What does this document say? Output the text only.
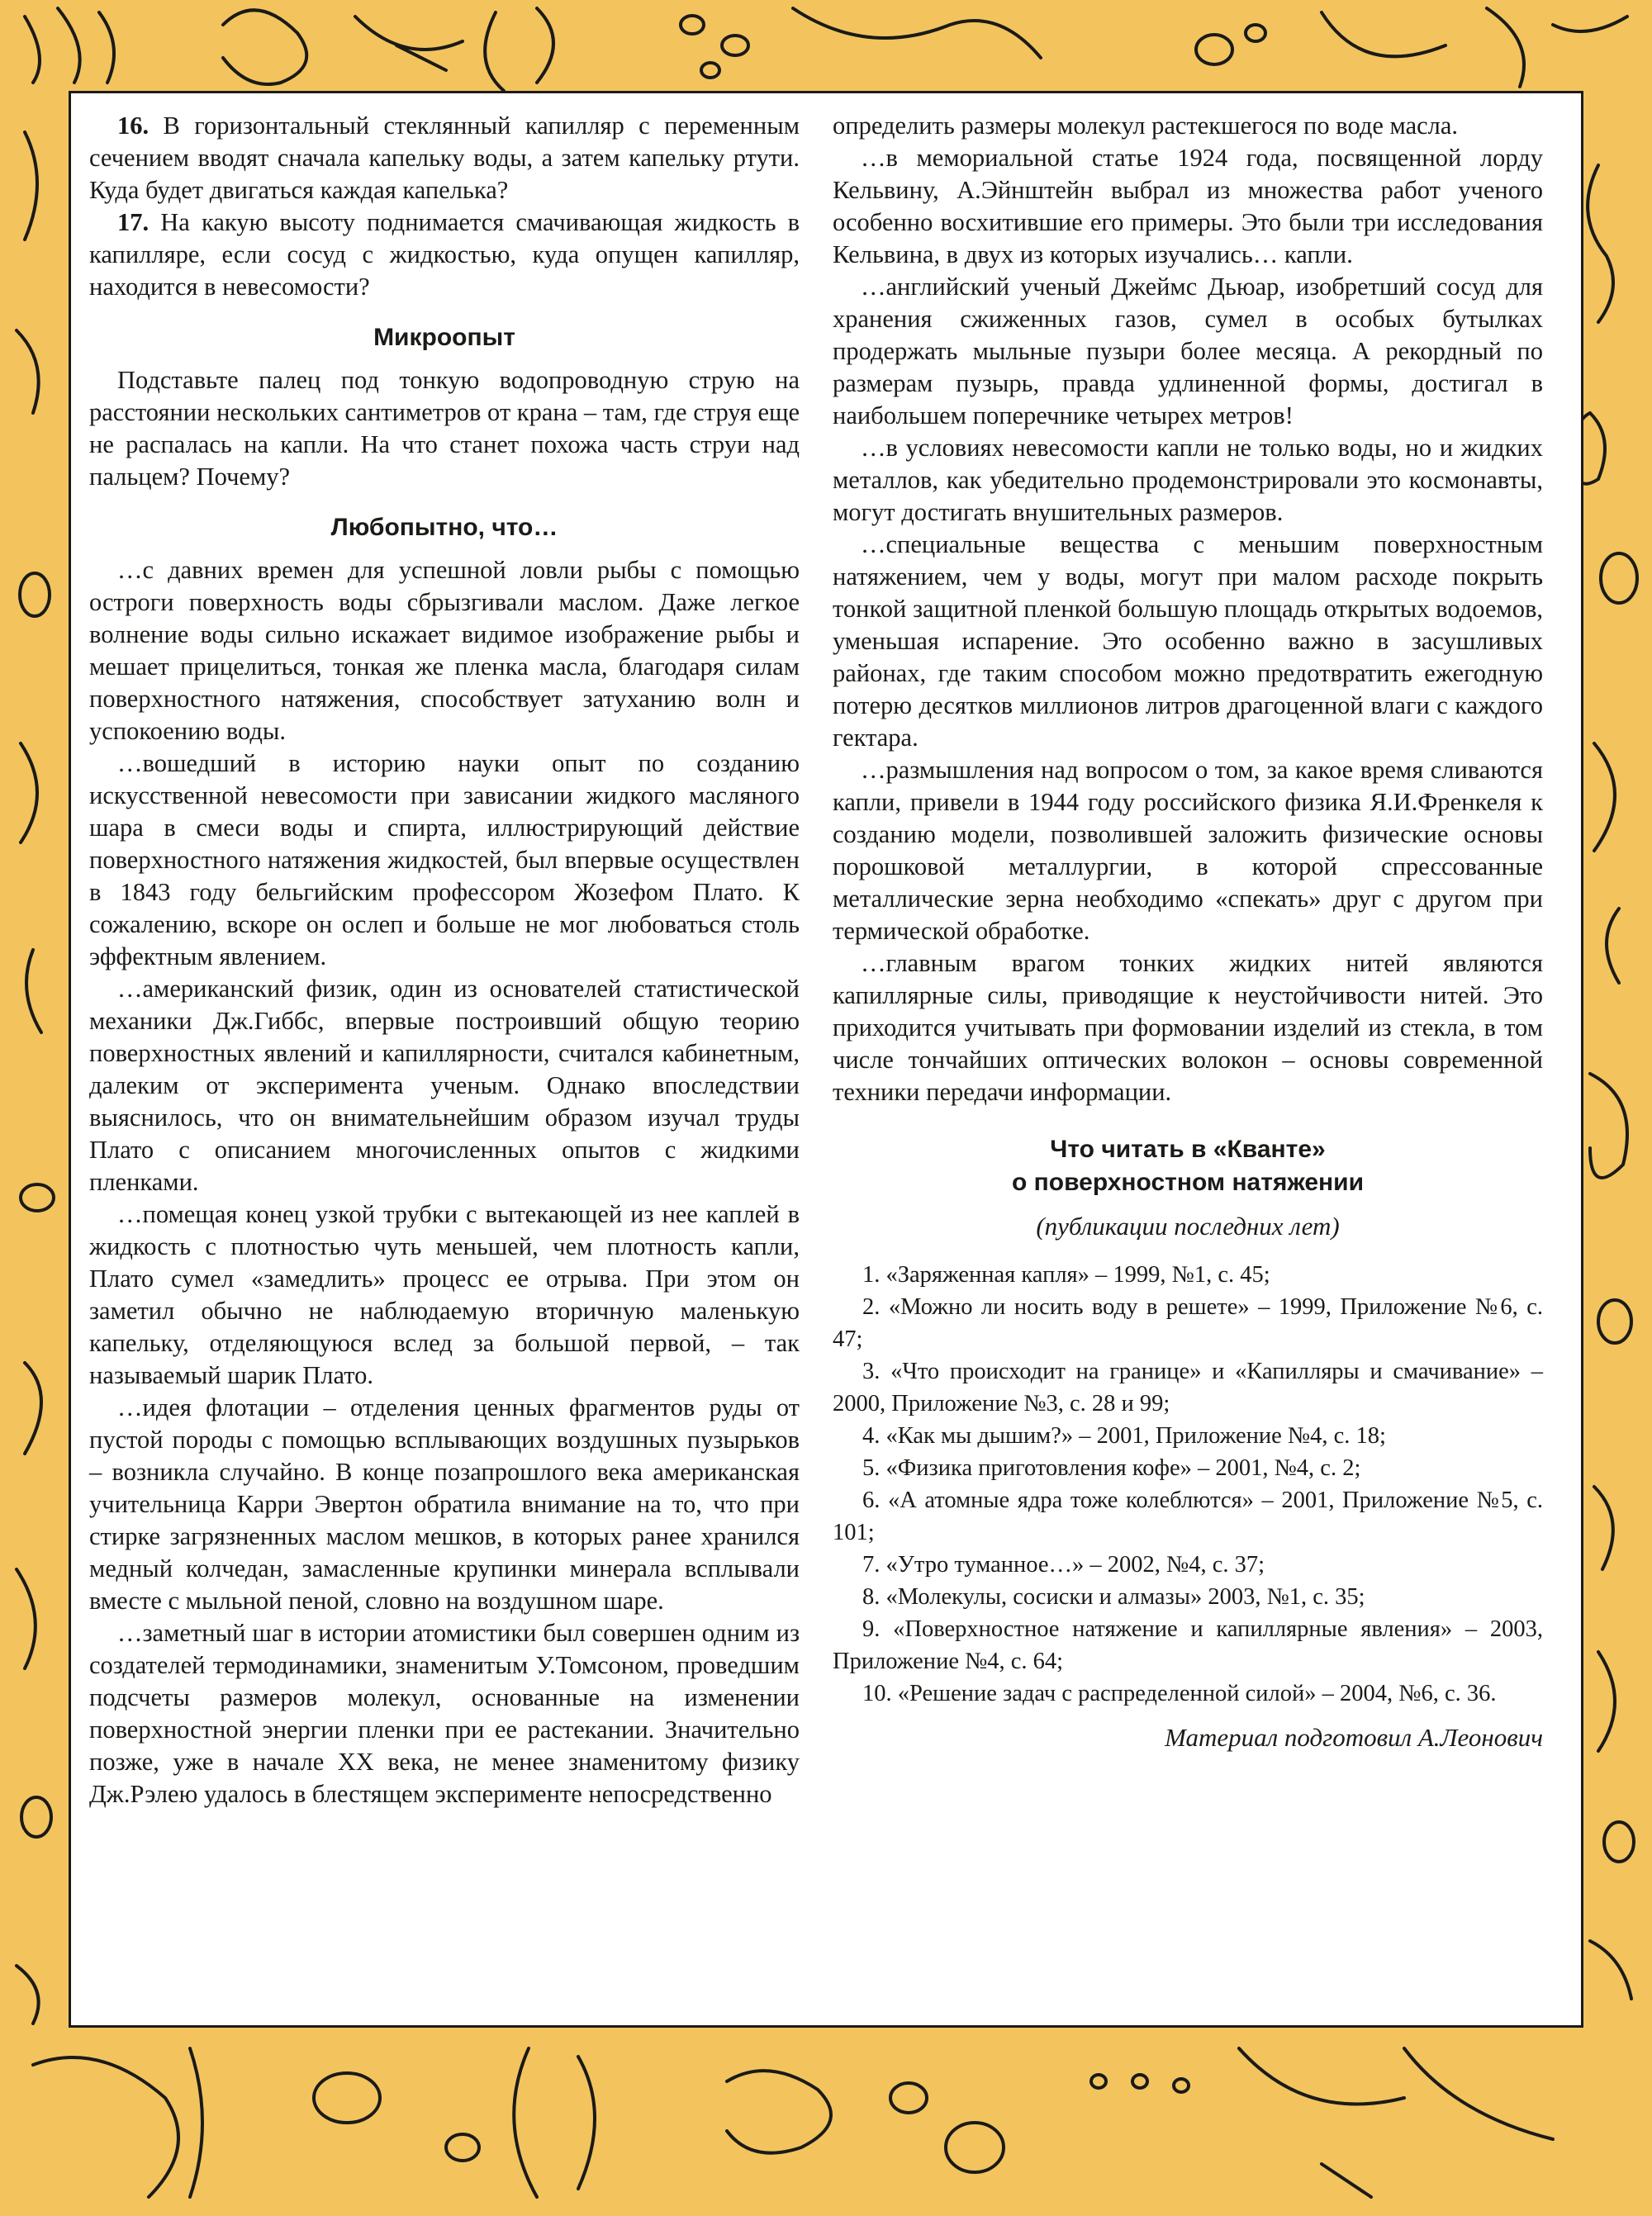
16. В горизонтальный стеклянный капилляр с переменным сечением вводят сначала капельку воды, а затем капельку ртути. Куда будет двигаться каждая капелька?

17. На какую высоту поднимается смачивающая жидкость в капилляре, если сосуд с жидкостью, куда опущен капилляр, находится в невесомости?

Микроопыт

Подставьте палец под тонкую водопроводную струю на расстоянии нескольких сантиметров от крана – там, где струя еще не распалась на капли. На что станет похожа часть струи над пальцем? Почему?

Любопытно, что…

…с давних времен для успешной ловли рыбы с помощью остроги поверхность воды сбрызгивали маслом. Даже легкое волнение воды сильно искажает видимое изображение рыбы и мешает прицелиться, тонкая же пленка масла, благодаря силам поверхностного натяжения, способствует затуханию волн и успокоению воды.

…вошедший в историю науки опыт по созданию искусственной невесомости при зависании жидкого масляного шара в смеси воды и спирта, иллюстрирующий действие поверхностного натяжения жидкостей, был впервые осуществлен в 1843 году бельгийским профессором Жозефом Плато. К сожалению, вскоре он ослеп и больше не мог любоваться столь эффектным явлением.

…американский физик, один из основателей статистической механики Дж.Гиббс, впервые построивший общую теорию поверхностных явлений и капиллярности, считался кабинетным, далеким от эксперимента ученым. Однако впоследствии выяснилось, что он внимательнейшим образом изучал труды Плато с описанием многочисленных опытов с жидкими пленками.

…помещая конец узкой трубки с вытекающей из нее каплей в жидкость с плотностью чуть меньшей, чем плотность капли, Плато сумел «замедлить» процесс ее отрыва. При этом он заметил обычно не наблюдаемую вторичную маленькую капельку, отделяющуюся вслед за большой первой, – так называемый шарик Плато.

…идея флотации – отделения ценных фрагментов руды от пустой породы с помощью всплывающих воздушных пузырьков – возникла случайно. В конце позапрошлого века американская учительница Карри Эвертон обратила внимание на то, что при стирке загрязненных маслом мешков, в которых ранее хранился медный колчедан, замасленные крупинки минерала всплывали вместе с мыльной пеной, словно на воздушном шаре.

…заметный шаг в истории атомистики был совершен одним из создателей термодинамики, знаменитым У.Томсоном, проведшим подсчеты размеров молекул, основанные на изменении поверхностной энергии пленки при ее растекании. Значительно позже, уже в начале XX века, не менее знаменитому физику Дж.Рэлею удалось в блестящем эксперименте непосредственно

определить размеры молекул растекшегося по воде масла.

…в мемориальной статье 1924 года, посвященной лорду Кельвину, А.Эйнштейн выбрал из множества работ ученого особенно восхитившие его примеры. Это были три исследования Кельвина, в двух из которых изучались… капли.

…английский ученый Джеймс Дьюар, изобретший сосуд для хранения сжиженных газов, сумел в особых бутылках продержать мыльные пузыри более месяца. А рекордный по размерам пузырь, правда удлиненной формы, достигал в наибольшем поперечнике четырех метров!

…в условиях невесомости капли не только воды, но и жидких металлов, как убедительно продемонстрировали это космонавты, могут достигать внушительных размеров.

…специальные вещества с меньшим поверхностным натяжением, чем у воды, могут при малом расходе покрыть тонкой защитной пленкой большую площадь открытых водоемов, уменьшая испарение. Это особенно важно в засушливых районах, где таким способом можно предотвратить ежегодную потерю десятков миллионов литров драгоценной влаги с каждого гектара.

…размышления над вопросом о том, за какое время сливаются капли, привели в 1944 году российского физика Я.И.Френкеля к созданию модели, позволившей заложить физические основы порошковой металлургии, в которой спрессованные металлические зерна необходимо «спекать» друг с другом при термической обработке.

…главным врагом тонких жидких нитей являются капиллярные силы, приводящие к неустойчивости нитей. Это приходится учитывать при формовании изделий из стекла, в том числе тончайших оптических волокон – основы современной техники передачи информации.

Что читать в «Кванте»
о поверхностном натяжении
(публикации последних лет)
1. «Заряженная капля» – 1999, №1, с. 45;
2. «Можно ли носить воду в решете» – 1999, Приложение №6, с. 47;
3. «Что происходит на границе» и «Капилляры и смачивание» – 2000, Приложение №3, с. 28 и 99;
4. «Как мы дышим?» – 2001, Приложение №4, с. 18;
5. «Физика приготовления кофе» – 2001, №4, с. 2;
6. «А атомные ядра тоже колеблются» – 2001, Приложение №5, с. 101;
7. «Утро туманное…» – 2002, №4, с. 37;
8. «Молекулы, сосиски и алмазы» 2003, №1, с. 35;
9. «Поверхностное натяжение и капиллярные явления» – 2003, Приложение №4, с. 64;
10. «Решение задач с распределенной силой» – 2004, №6, с. 36.
Материал подготовил А.Леонович
